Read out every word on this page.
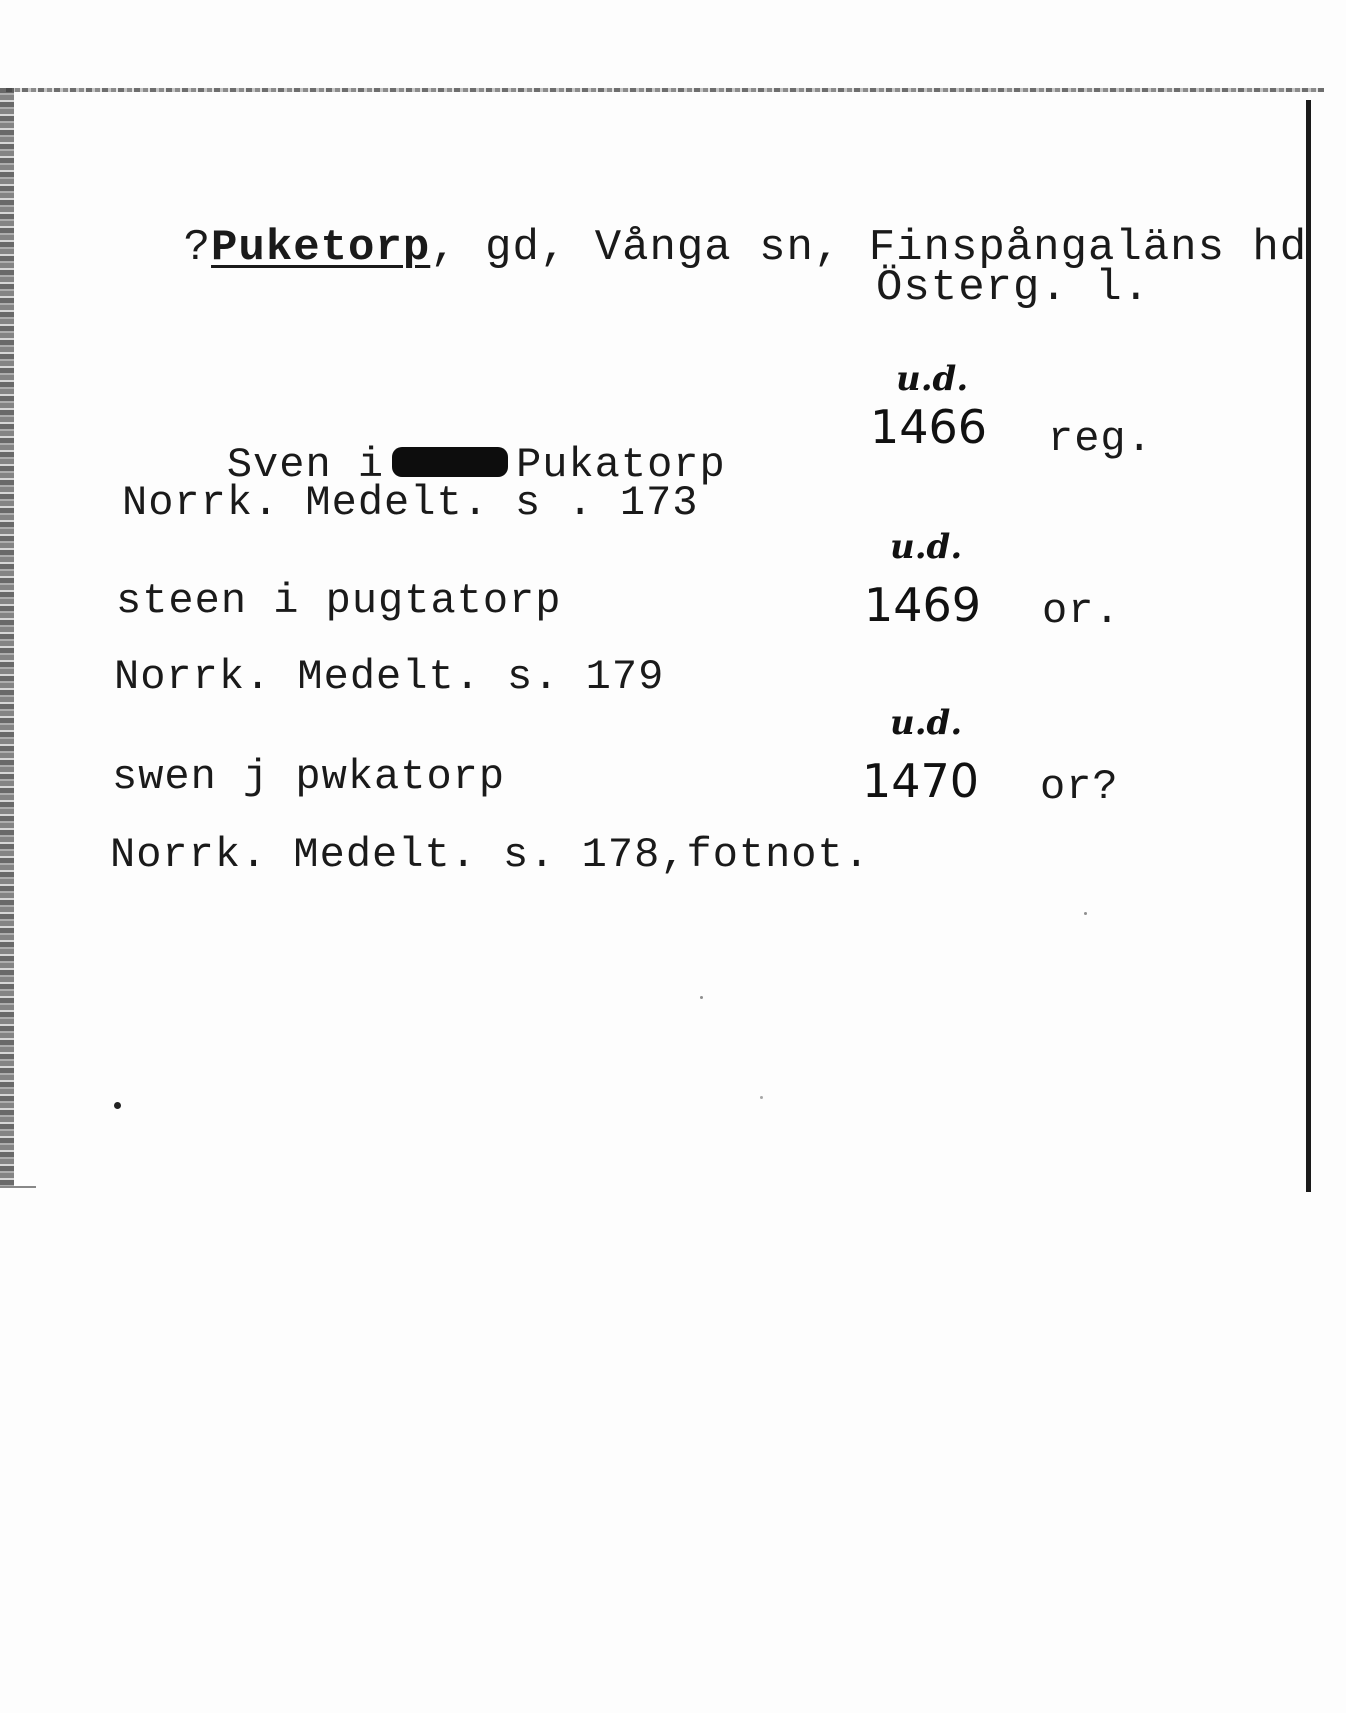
?Puketorp, gd, Vånga sn, Finspångaläns hd

Österg. l.
u.d.

Sven i	Pukatorp

1466 reg.
Norrk. Medelt. s . 173
u.d.
steen i pugtatorp	1469 or.
Norrk. Medelt. s. 179
u.d.
swen j pwkatorp	1470 or?
Norrk. Medelt. s. 178,fotnot.
